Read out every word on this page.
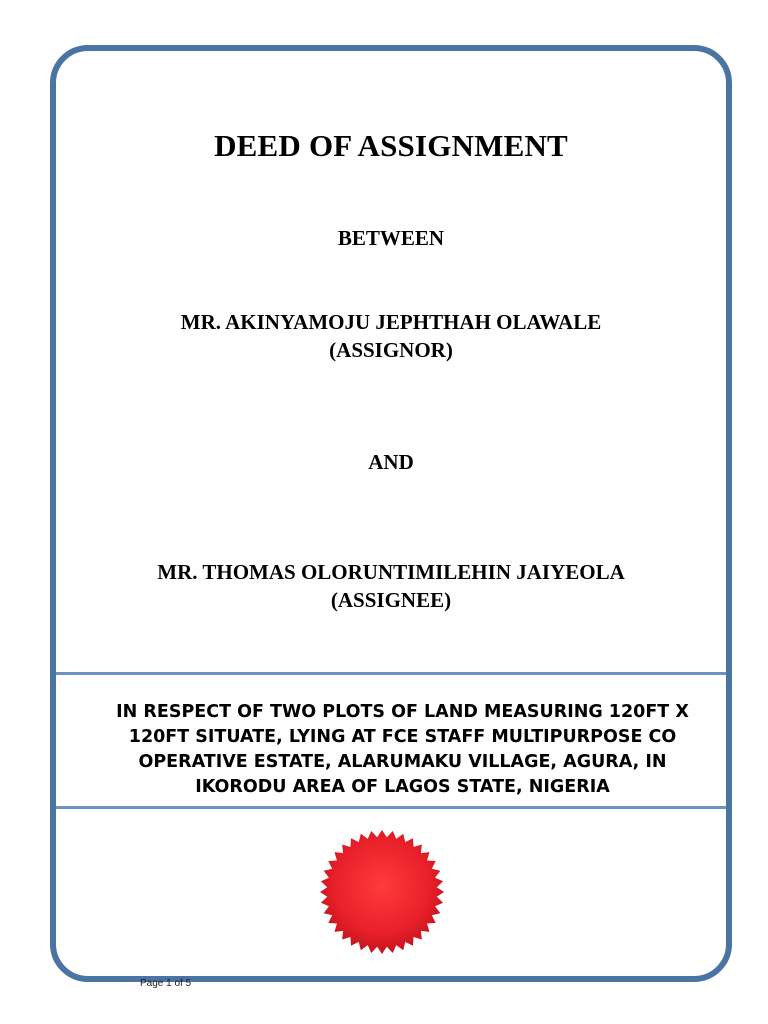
DEED OF ASSIGNMENT
BETWEEN
MR. AKINYAMOJU JEPHTHAH OLAWALE
(ASSIGNOR)
AND
MR. THOMAS OLORUNTIMILEHIN JAIYEOLA
(ASSIGNEE)
IN RESPECT OF TWO PLOTS OF LAND MEASURING 120FT X
120FT SITUATE, LYING AT FCE STAFF MULTIPURPOSE CO
OPERATIVE ESTATE, ALARUMAKU VILLAGE, AGURA, IN
IKORODU AREA OF LAGOS STATE, NIGERIA
Page 1 of 5
